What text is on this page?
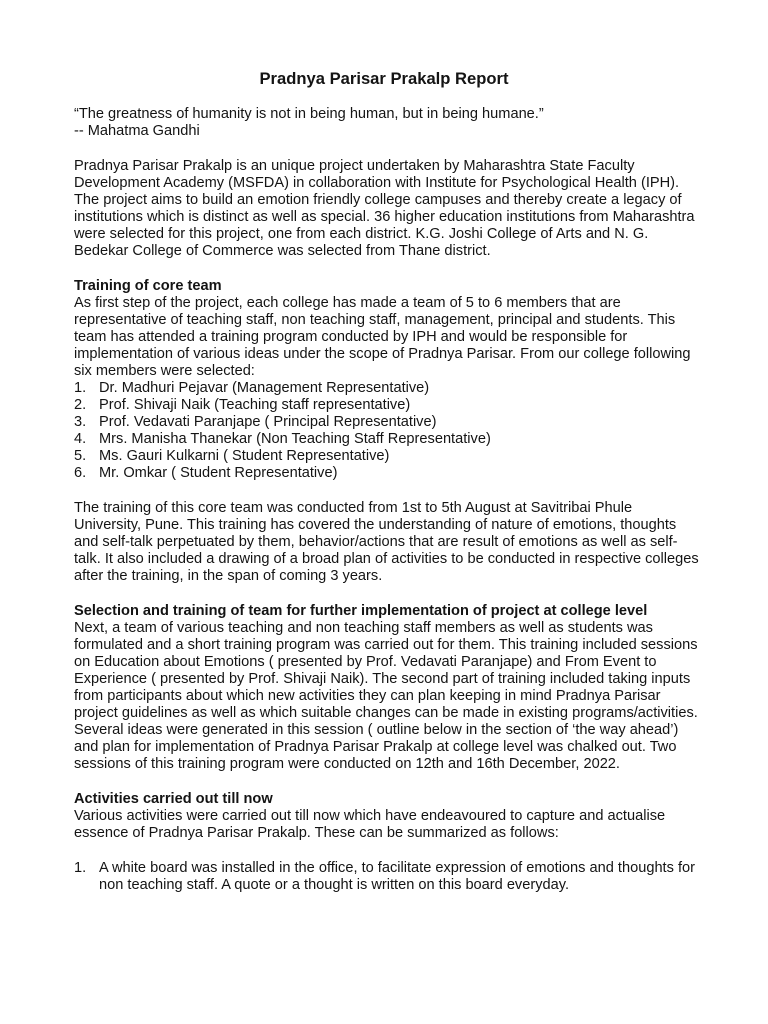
Pradnya Parisar Prakalp Report

“The greatness of humanity is not in being human, but in being humane.”

-- Mahatma Gandhi

Pradnya Parisar Prakalp is an unique project undertaken by Maharashtra State Faculty Development Academy (MSFDA) in collaboration with Institute for Psychological Health (IPH). The project aims to build an emotion friendly college campuses and thereby create a legacy of institutions which is distinct as well as special. 36 higher education institutions from Maharashtra were selected for this project, one from each district. K.G. Joshi College of Arts and N. G. Bedekar College of Commerce was selected from Thane district.

Training of core team

As first step of the project, each college has made a team of 5 to 6 members that are representative of teaching staff, non teaching staff, management, principal and students. This team has attended a training program conducted by IPH and would be responsible for implementation of various ideas under the scope of Pradnya Parisar. From our college following six members were selected:

1. Dr. Madhuri Pejavar (Management Representative)
2. Prof. Shivaji Naik (Teaching staff representative)
3. Prof. Vedavati Paranjape ( Principal Representative)
4. Mrs. Manisha Thanekar (Non Teaching Staff Representative)
5. Ms. Gauri Kulkarni ( Student Representative)
6. Mr. Omkar ( Student Representative)

The training of this core team was conducted from 1st to 5th August at Savitribai Phule University, Pune. This training has covered the understanding of nature of emotions, thoughts and self-talk perpetuated by them, behavior/actions that are result of emotions as well as self-talk. It also included a drawing of a broad plan of activities to be conducted in respective colleges after the training, in the span of coming 3 years.

Selection and training of team for further implementation of project at college level

Next, a team of various teaching and non teaching staff members as well as students was formulated and a short training program was carried out for them. This training included sessions on Education about Emotions ( presented by Prof. Vedavati Paranjape) and From Event to Experience ( presented by Prof. Shivaji Naik). The second part of training included taking inputs from participants about which new activities they can plan keeping in mind Pradnya Parisar project guidelines as well as which suitable changes can be made in existing programs/activities. Several ideas were generated in this session ( outline below in the section of ‘the way ahead’) and plan for implementation of Pradnya Parisar Prakalp at college level was chalked out. Two sessions of this training program were conducted on 12th and 16th December, 2022.

Activities carried out till now

Various activities were carried out till now which have endeavoured to capture and actualise essence of Pradnya Parisar Prakalp. These can be summarized as follows:

1. A white board was installed in the office, to facilitate expression of emotions and thoughts for non teaching staff. A quote or a thought is written on this board everyday.
